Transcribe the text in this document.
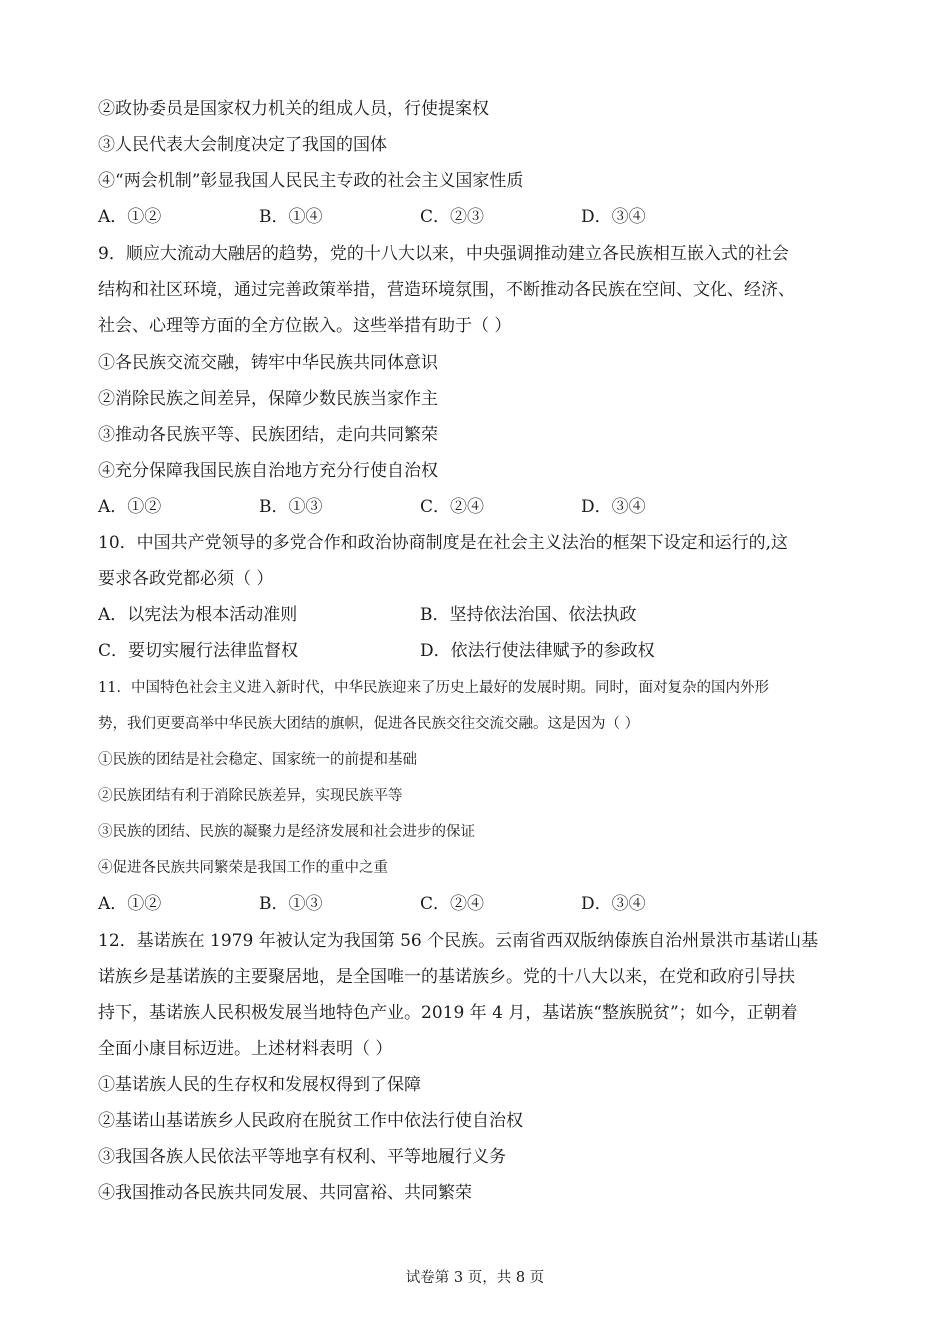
②政协委员是国家权力机关的组成人员，行使提案权
③人民代表大会制度决定了我国的国体
④“两会机制”彰显我国人民民主专政的社会主义国家性质
A．①②	B．①④	C．②③	D．③④
9．顺应大流动大融居的趋势，党的十八大以来，中央强调推动建立各民族相互嵌入式的社会
结构和社区环境，通过完善政策举措，营造环境氛围，不断推动各民族在空间、文化、经济、
社会、心理等方面的全方位嵌入。这些举措有助于（ ）
①各民族交流交融，铸牢中华民族共同体意识
②消除民族之间差异，保障少数民族当家作主
③推动各民族平等、民族团结，走向共同繁荣
④充分保障我国民族自治地方充分行使自治权
A．①②	B．①③	C．②④	D．③④
10．中国共产党领导的多党合作和政治协商制度是在社会主义法治的框架下设定和运行的,这
要求各政党都必须（ ）
A．以宪法为根本活动准则	B．坚持依法治国、依法执政
C．要切实履行法律监督权	D．依法行使法律赋予的参政权
11．中国特色社会主义进入新时代，中华民族迎来了历史上最好的发展时期。同时，面对复杂的国内外形
势，我们更要高举中华民族大团结的旗帜，促进各民族交往交流交融。这是因为（ ）
①民族的团结是社会稳定、国家统一的前提和基础
②民族团结有利于消除民族差异，实现民族平等
③民族的团结、民族的凝聚力是经济发展和社会进步的保证
④促进各民族共同繁荣是我国工作的重中之重
A．①②	B．①③	C．②④	D．③④
12．基诺族在 1979 年被认定为我国第 56 个民族。云南省西双版纳傣族自治州景洪市基诺山基
诺族乡是基诺族的主要聚居地，是全国唯一的基诺族乡。党的十八大以来，在党和政府引导扶
持下，基诺族人民积极发展当地特色产业。2019 年 4 月，基诺族“整族脱贫”；如今，正朝着
全面小康目标迈进。上述材料表明（ ）
①基诺族人民的生存权和发展权得到了保障
②基诺山基诺族乡人民政府在脱贫工作中依法行使自治权
③我国各族人民依法平等地享有权利、平等地履行义务
④我国推动各民族共同发展、共同富裕、共同繁荣
试卷第 3 页，共 8 页
